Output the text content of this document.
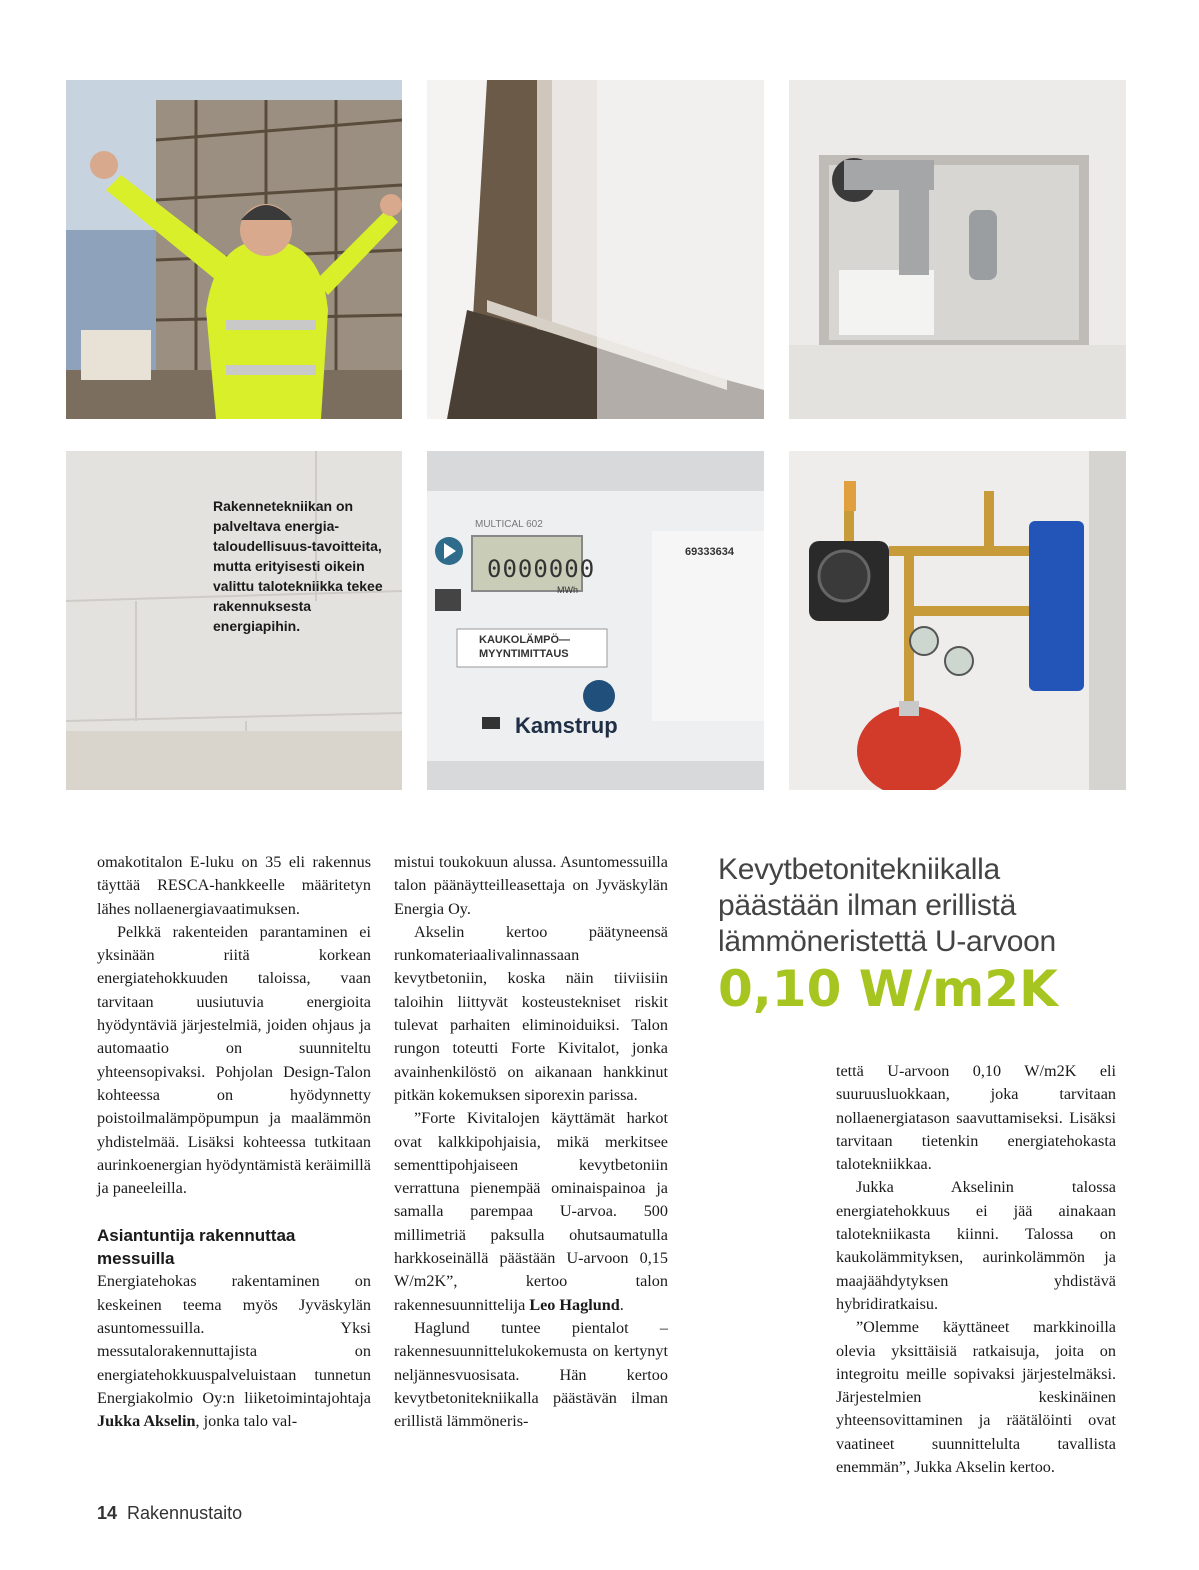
Rakennetekniikan on palveltava energia-taloudellisuus-tavoitteita, mutta erityisesti oikein valittu talotekniikka tekee rakennuksesta energiapihin.
MULTICAL 602
0000000
MWh
69333634
KAUKOLÄMPÖ—
MYYNTIMITTAUS
Kamstrup

omakotitalon E-luku on 35 eli rakennus täyttää RESCA-hankkeelle määritetyn lähes nollaenergiavaatimuksen.

Pelkkä rakenteiden parantaminen ei yksinään riitä korkean energiatehokkuuden taloissa, vaan tarvitaan uusiutuvia energioita hyödyntäviä järjestelmiä, joiden ohjaus ja automaatio on suunniteltu yhteensopivaksi. Pohjolan Design-Talon kohteessa on hyödynnetty poistoilmalämpöpumpun ja maalämmön yhdistelmää. Lisäksi kohteessa tutkitaan aurinkoenergian hyödyntämistä keräimillä ja paneeleilla.

Asiantuntija rakennuttaa messuilla

Energiatehokas rakentaminen on keskeinen teema myös Jyväskylän asuntomessuilla. Yksi messutalorakennuttajista on energiatehokkuuspalveluistaan tunnetun Energiakolmio Oy:n liiketoimintajohtaja Jukka Akselin, jonka talo val-

mistui toukokuun alussa. Asuntomessuilla talon päänäytteilleasettaja on Jyväskylän Energia Oy.

Akselin kertoo päätyneensä runkomateriaalivalinnassaan kevytbetoniin, koska näin tiiviisiin taloihin liittyvät kosteustekniset riskit tulevat parhaiten eliminoiduiksi. Talon rungon toteutti Forte Kivitalot, jonka avainhenkilöstö on aikanaan hankkinut pitkän kokemuksen siporexin parissa.

”Forte Kivitalojen käyttämät harkot ovat kalkkipohjaisia, mikä merkitsee sementtipohjaiseen kevytbetoniin verrattuna pienempää ominaispainoa ja samalla parempaa U-arvoa. 500 millimetriä paksulla ohutsaumatulla harkkoseinällä päästään U-arvoon 0,15 W/m2K”, kertoo talon rakennesuunnittelija Leo Haglund.

Haglund tuntee pientalot – rakennesuunnittelukokemusta on kertynyt neljännesvuosisata. Hän kertoo kevytbetonitekniikalla päästävän ilman erillistä lämmöneris-

Kevytbetonitekniikalla
päästään ilman erillistä
lämmöneristettä U-arvoon
0,10 W/m2K

tettä U-arvoon 0,10 W/m2K eli suuruusluokkaan, joka tarvitaan nollaenergiatason saavuttamiseksi. Lisäksi tarvitaan tietenkin energiatehokasta talotekniikkaa.

Jukka Akselinin talossa energiatehokkuus ei jää ainakaan talotekniikasta kiinni. Talossa on kaukolämmityksen, aurinkolämmön ja maajäähdytyksen yhdistävä hybridiratkaisu.

”Olemme käyttäneet markkinoilla olevia yksittäisiä ratkaisuja, joita on integroitu meille sopivaksi järjestelmäksi. Järjestelmien keskinäinen yhteensovittaminen ja räätälöinti ovat vaatineet suunnittelulta tavallista enemmän”, Jukka Akselin kertoo.

14 Rakennustaito
